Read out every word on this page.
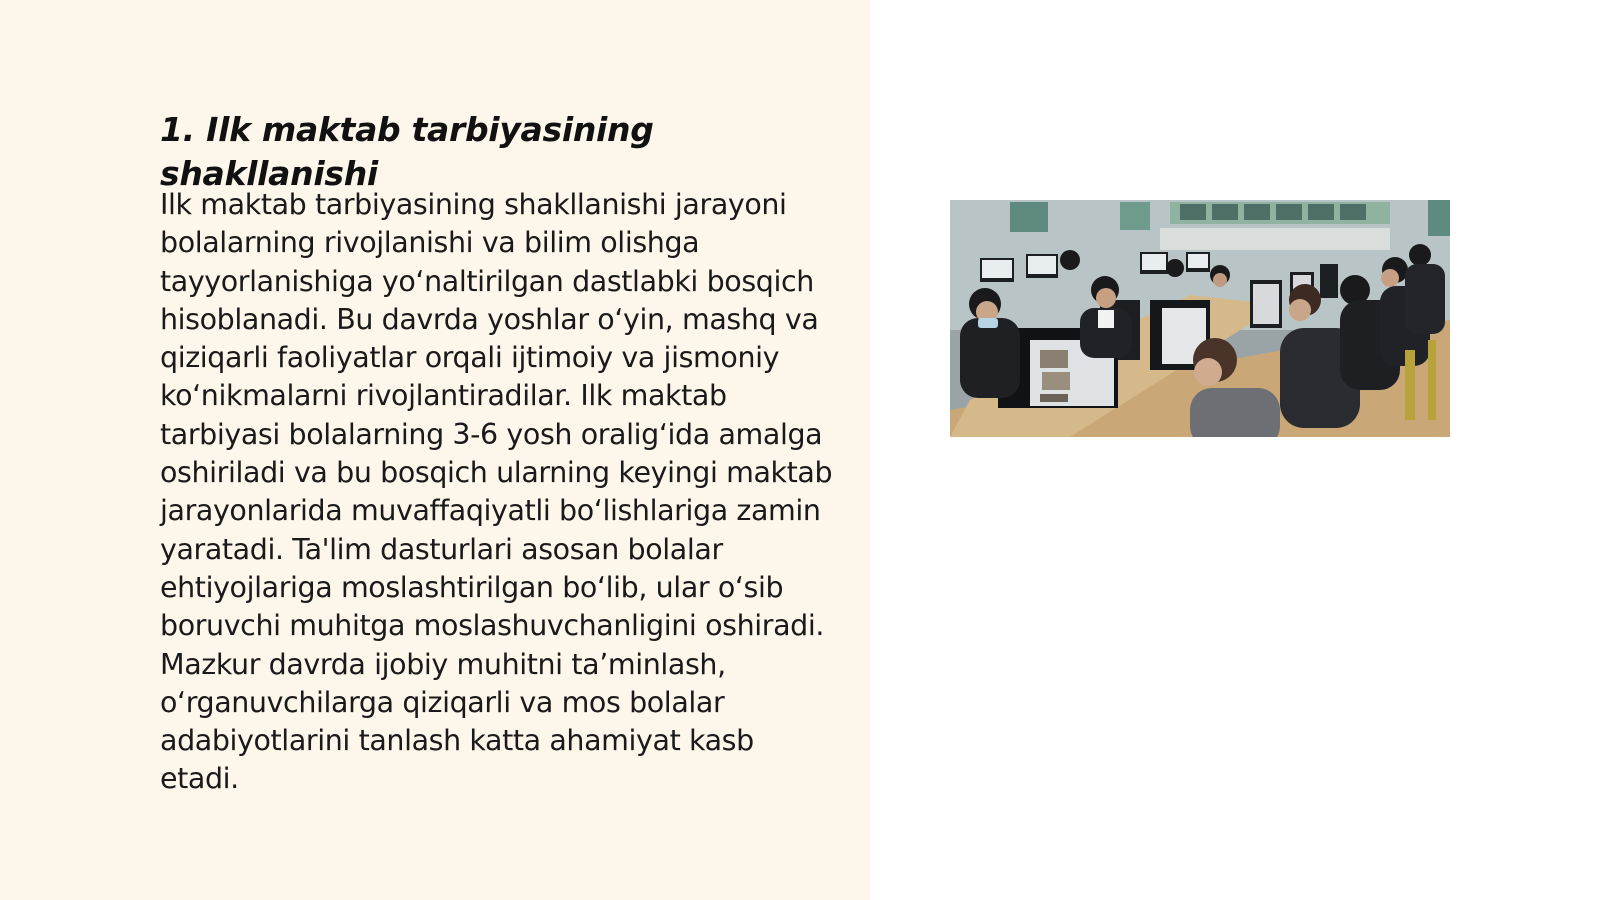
1. Ilk maktab tarbiyasining shakllanishi

Ilk maktab tarbiyasining shakllanishi jarayoni bolalarning rivojlanishi va bilim olishga tayyorlanishiga yoʻnaltirilgan dastlabki bosqich hisoblanadi. Bu davrda yoshlar oʻyin, mashq va qiziqarli faoliyatlar orqali ijtimoiy va jismoniy koʻnikmalarni rivojlantiradilar. Ilk maktab tarbiyasi bolalarning 3-6 yosh oraligʻida amalga oshiriladi va bu bosqich ularning keyingi maktab jarayonlarida muvaffaqiyatli boʻlishlariga zamin yaratadi. Ta'lim dasturlari asosan bolalar ehtiyojlariga moslashtirilgan boʻlib, ular oʻsib boruvchi muhitga moslashuvchanligini oshiradi. Mazkur davrda ijobiy muhitni taʼminlash, oʻrganuvchilarga qiziqarli va mos bolalar adabiyotlarini tanlash katta ahamiyat kasb etadi.
